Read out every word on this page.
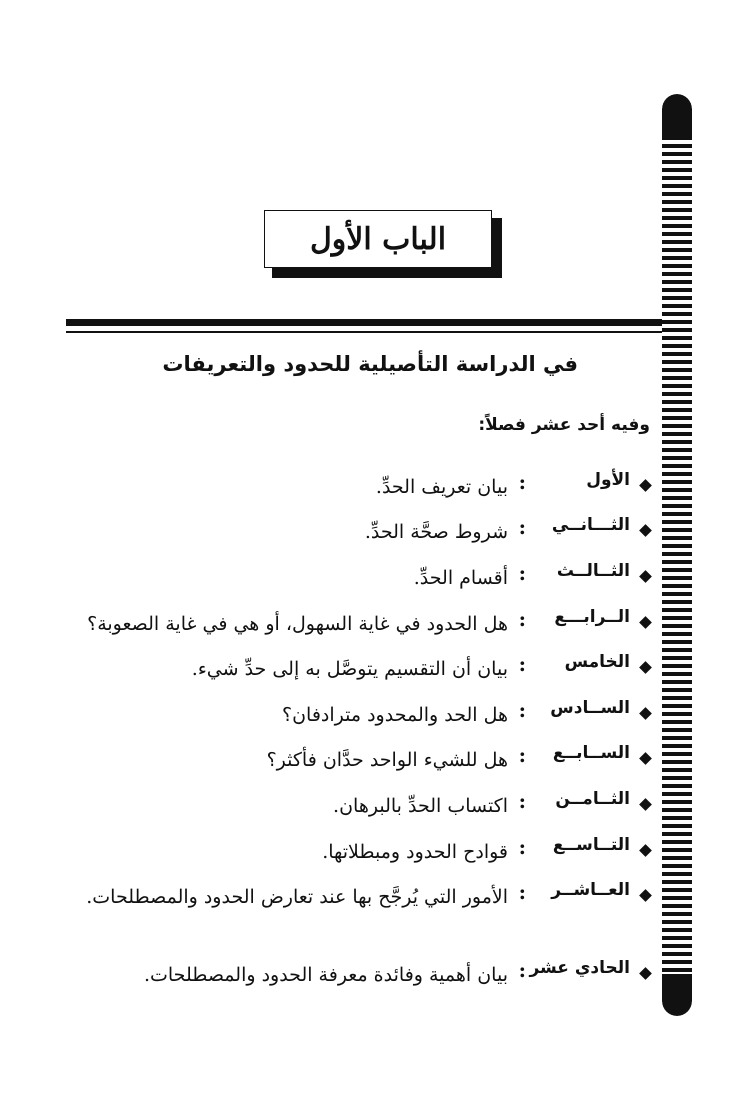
الباب الأول
في الدراسة التأصيلية للحدود والتعريفات
وفيه أحد عشر فصلاً:
الأول
:
بيان تعريف الحدِّ.
الثـــانــي
:
شروط صحَّة الحدِّ.
الثــالــث
:
أقسام الحدِّ.
الــرابـــع
:
هل الحدود في غاية السهول، أو هي في غاية الصعوبة؟
الخامس
:
بيان أن التقسيم يتوصَّل به إلى حدِّ شيء.
الســادس
:
هل الحد والمحدود مترادفان؟
الســابــع
:
هل للشيء الواحد حدَّان فأكثر؟
الثــامــن
:
اكتساب الحدِّ بالبرهان.
التــاســع
:
قوادح الحدود ومبطلاتها.
العــاشــر
:
الأمور التي يُرجَّح بها عند تعارض الحدود والمصطلحات.
الحادي عشر
:
بيان أهمية وفائدة معرفة الحدود والمصطلحات.
